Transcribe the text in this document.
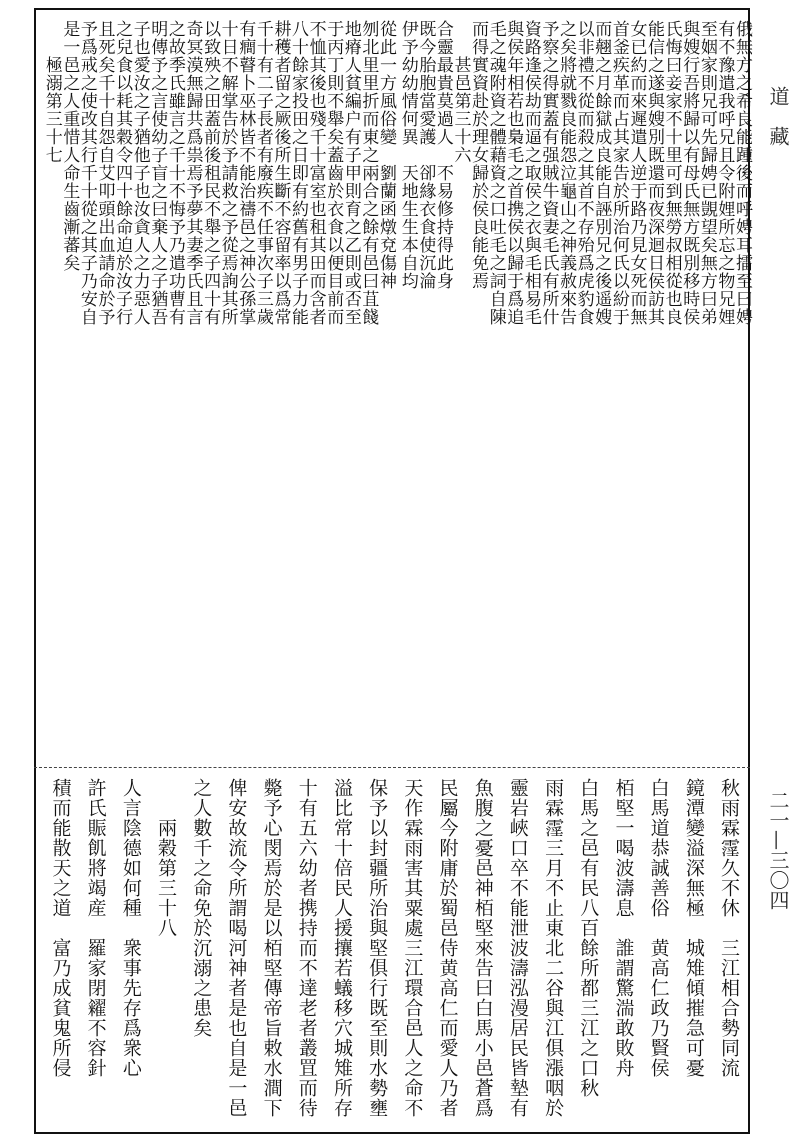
道　藏
二一—三〇四
俄無方之希良能踵後而呼娉耳擂至曰娉
有不豫遣我呼兄且令附娌所忘之物兄娌
至姻家則兄可先歸娉已覬望矣無方曰弟
與嫂行吾將歸以有母氏無方既別移時侯
氏悔曰妾家不十里可到無勞叔相從也良
能信之遂與嫂別既還而夜深迴日侯訪其
女已約而來遲遣人逆于路乃見女死而無
首釜疾革而占其家告於所治何氏以紛于
而翹之月餘獄成良能自誣別兄之後遥嫂
以非禮不從而殺之其首不存殆爲虎豹食
之矣將就戮良能怨泣龜山之神義赦來告
予察之得實蓋有强賊牛資妻毛氏有所什
資路逢侯劫而逼之取侯之衣與毛相易毛
與侯年相若也梟毛之首携侯以歸于爲追
毛之魂附資之體藉資之口吐毛之詞自陳
而得實資赴於理女歸於侯良能免焉
　　甚邑第三十六
合靈最貴莫過人　不易修持得此身
既今胎胞當愛護　卻緣衣食使沉淪
伊予幼幼情何異　天地生生本自均
從此一方風俗變　劉蘭函燉兗傷神
刎北里里折而東之兩合之餘有邑曰苴餞
地瘠人貧編户有子甲則育之乙則或否至
于丙丁則不舉矣蓋齒於衣食以便目前而
不恤其後也殘千十富室也租其田而含者
八十餘家投田之日即有約舊有男子力能
耕穫者留之厥後所生斷不容留率以爲常
千十有二子長者有廢疾不任事次子三歲
有癎瞽卜巫林皆不能治禱邑之神公孫掌
十日不解掌告於予請救之予從焉詢其所
以致殃之田蓋前後租民不舉之子四十有
奇冥漠無歸共爲祟焉予夢其妻季氏且言
之故季氏雖言之千十不悔予乃遣功曹有
明傳予之言使幼子盲之曰棄人之子猶吾
子也愛汝之子猶他子也汝貪人之力惡人
之兒食以耗其穀令四十餘命迫於汝子行
且死矣千十自怨自艾叩頭出血請命於予
予爲戒之使改其行千十從之其子乃安自
是一邑之人重惜人命生齒漸蕃矣
　　極溺第三十七
秋雨霖霪久不休　三江相合勢同流
鏡潭變溢深無極　城雉傾摧急可憂
白馬道恭誠善俗　黄高仁政乃賢侯
栢堅一喝波濤息　誰謂驚湍敢敗舟
白馬之邑有民八百餘所都三江之口秋
雨霖霪三月不止東北二谷與江俱漲咽於
靈岩峽口卒不能泄波濤泓漫居民皆墊有
魚腹之憂邑神栢堅來告曰白馬小邑蒼爲
民屬今附庸於蜀邑侍黄高仁而愛人乃者
天作霖雨害其粟處三江環合邑人之命不
保予以封疆所治與堅俱行既至則水勢壅
溢比常十倍民人援攘若蟻移穴城雉所存
十有五六幼者携持而不達老者叢罝而待
斃予心閔焉於是以栢堅傳帝旨敕水澗下
俾安故流令所謂喝河神者是也自是一邑
之人數千之命免於沉溺之患矣
　　兩穀第三十八
人言陰德如何種　衆事先存爲衆心
許氏賑飢將竭産　羅家閉糴不容針
積而能散天之道　富乃成貧鬼所侵
